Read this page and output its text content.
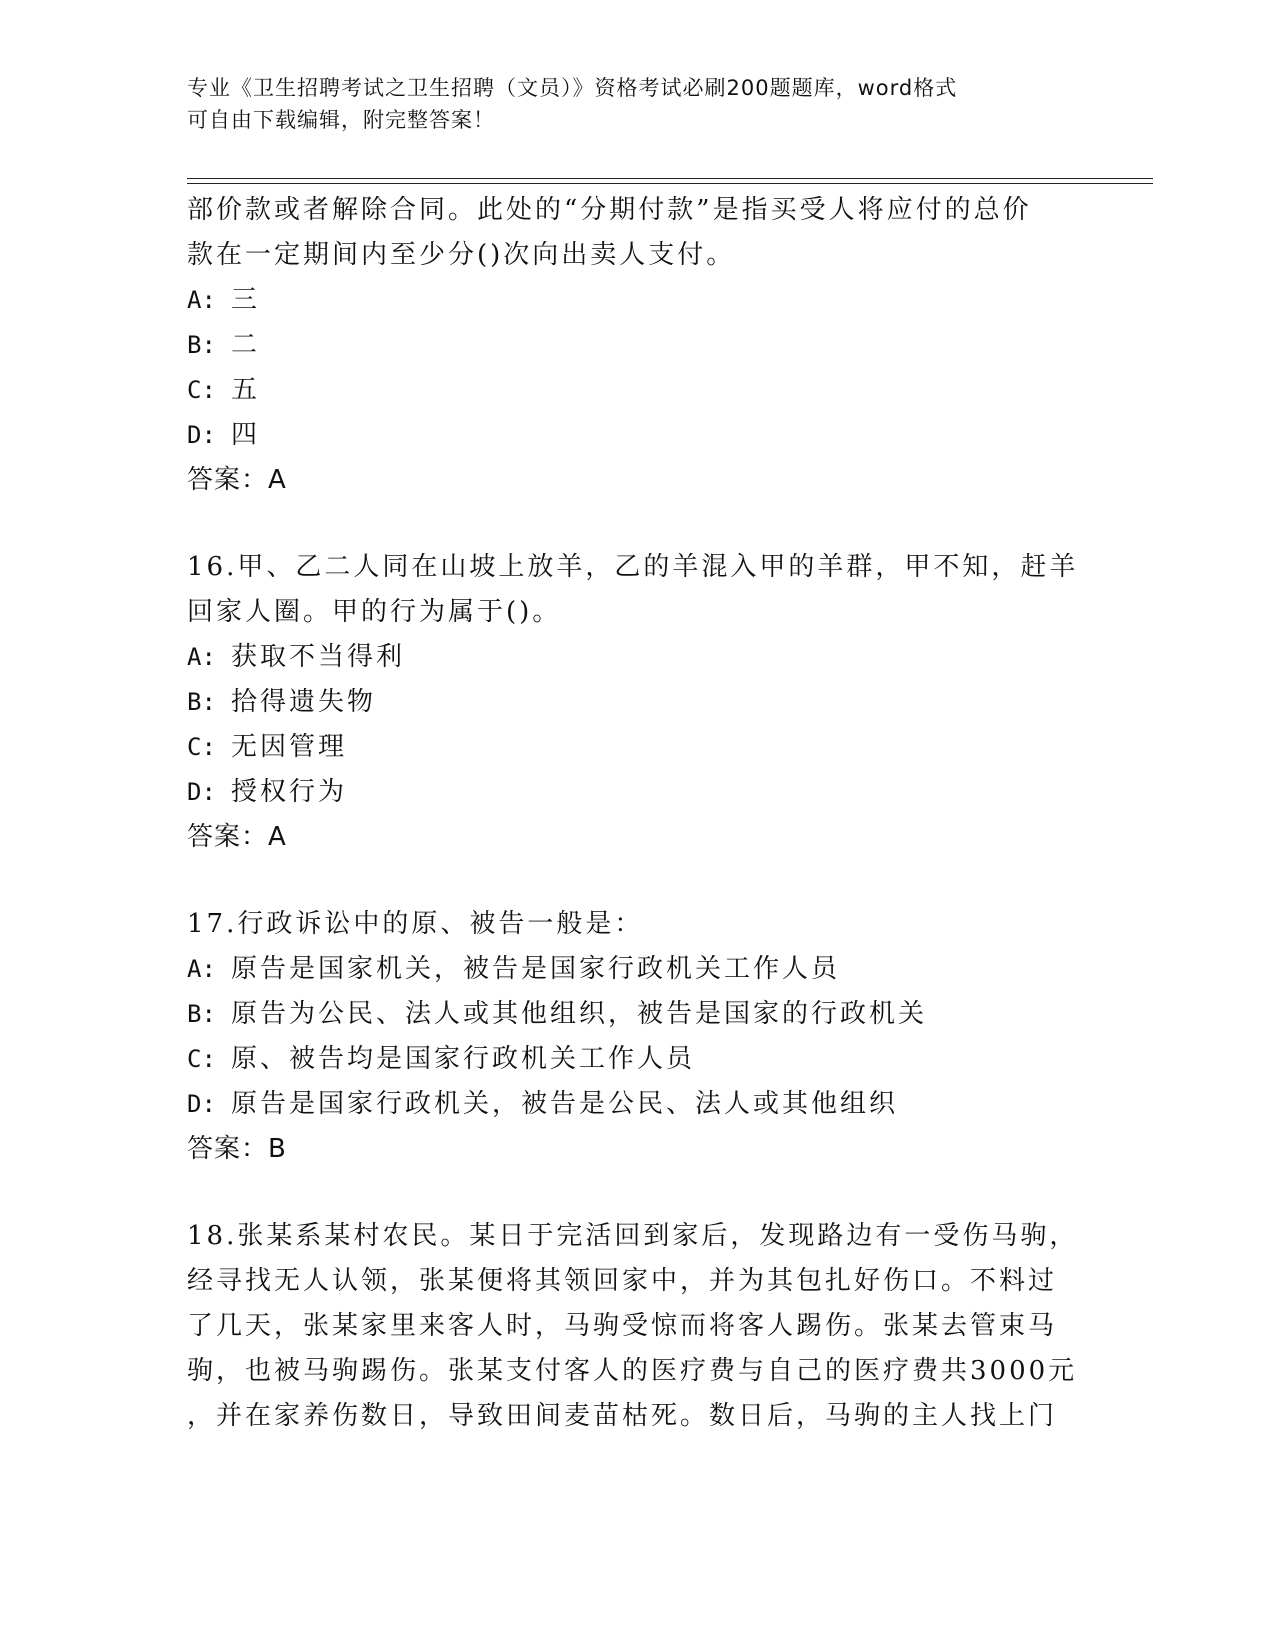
专业《卫生招聘考试之卫生招聘（文员）》资格考试必刷200题题库，word格式
可自由下载编辑，附完整答案！
部价款或者解除合同。此处的“分期付款”是指买受人将应付的总价
款在一定期间内至少分()次向出卖人支付。
A: 三
B: 二
C: 五
D: 四
答案：A
16.甲、乙二人同在山坡上放羊，乙的羊混入甲的羊群，甲不知，赶羊
回家人圈。甲的行为属于()。
A: 获取不当得利
B: 拾得遗失物
C: 无因管理
D: 授权行为
答案：A
17.行政诉讼中的原、被告一般是：
A: 原告是国家机关，被告是国家行政机关工作人员
B: 原告为公民、法人或其他组织，被告是国家的行政机关
C: 原、被告均是国家行政机关工作人员
D: 原告是国家行政机关，被告是公民、法人或其他组织
答案：B
18.张某系某村农民。某日于完活回到家后，发现路边有一受伤马驹，
经寻找无人认领，张某便将其领回家中，并为其包扎好伤口。不料过
了几天，张某家里来客人时，马驹受惊而将客人踢伤。张某去管束马
驹，也被马驹踢伤。张某支付客人的医疗费与自己的医疗费共3000元
，并在家养伤数日，导致田间麦苗枯死。数日后，马驹的主人找上门
